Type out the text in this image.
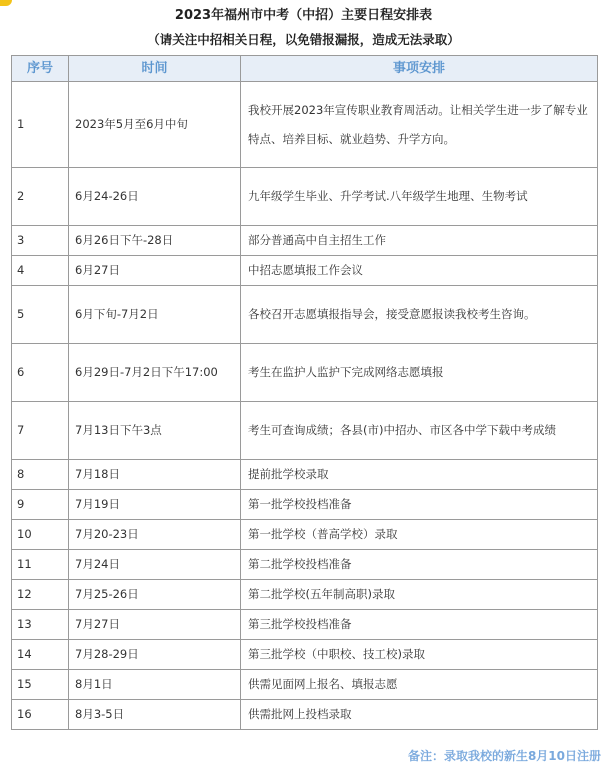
2023年福州市中考（中招）主要日程安排表
（请关注中招相关日程，以免错报漏报，造成无法录取）
序号	时间	事项安排
1	2023年5月至6月中旬	我校开展2023年宣传职业教育周活动。让相关学生进一步了解专业特点、培养目标、就业趋势、升学方向。
2	6月24-26日	九年级学生毕业、升学考试.八年级学生地理、生物考试
3	6月26日下午-28日	部分普通高中自主招生工作
4	6月27日	中招志愿填报工作会议
5	6月下旬-7月2日	各校召开志愿填报指导会，接受意愿报读我校考生咨询。
6	6月29日-7月2日下午17:00	考生在监护人监护下完成网络志愿填报
7	7月13日下午3点	考生可查询成绩；各县(市)中招办、市区各中学下载中考成绩
8	7月18日	提前批学校录取
9	7月19日	第一批学校投档准备
10	7月20-23日	第一批学校（普高学校）录取
11	7月24日	第二批学校投档准备
12	7月25-26日	第二批学校(五年制高职)录取
13	7月27日	第三批学校投档准备
14	7月28-29日	第三批学校（中职校、技工校)录取
15	8月1日	供需见面网上报名、填报志愿
16	8月3-5日	供需批网上投档录取
备注：录取我校的新生8月10日注册
